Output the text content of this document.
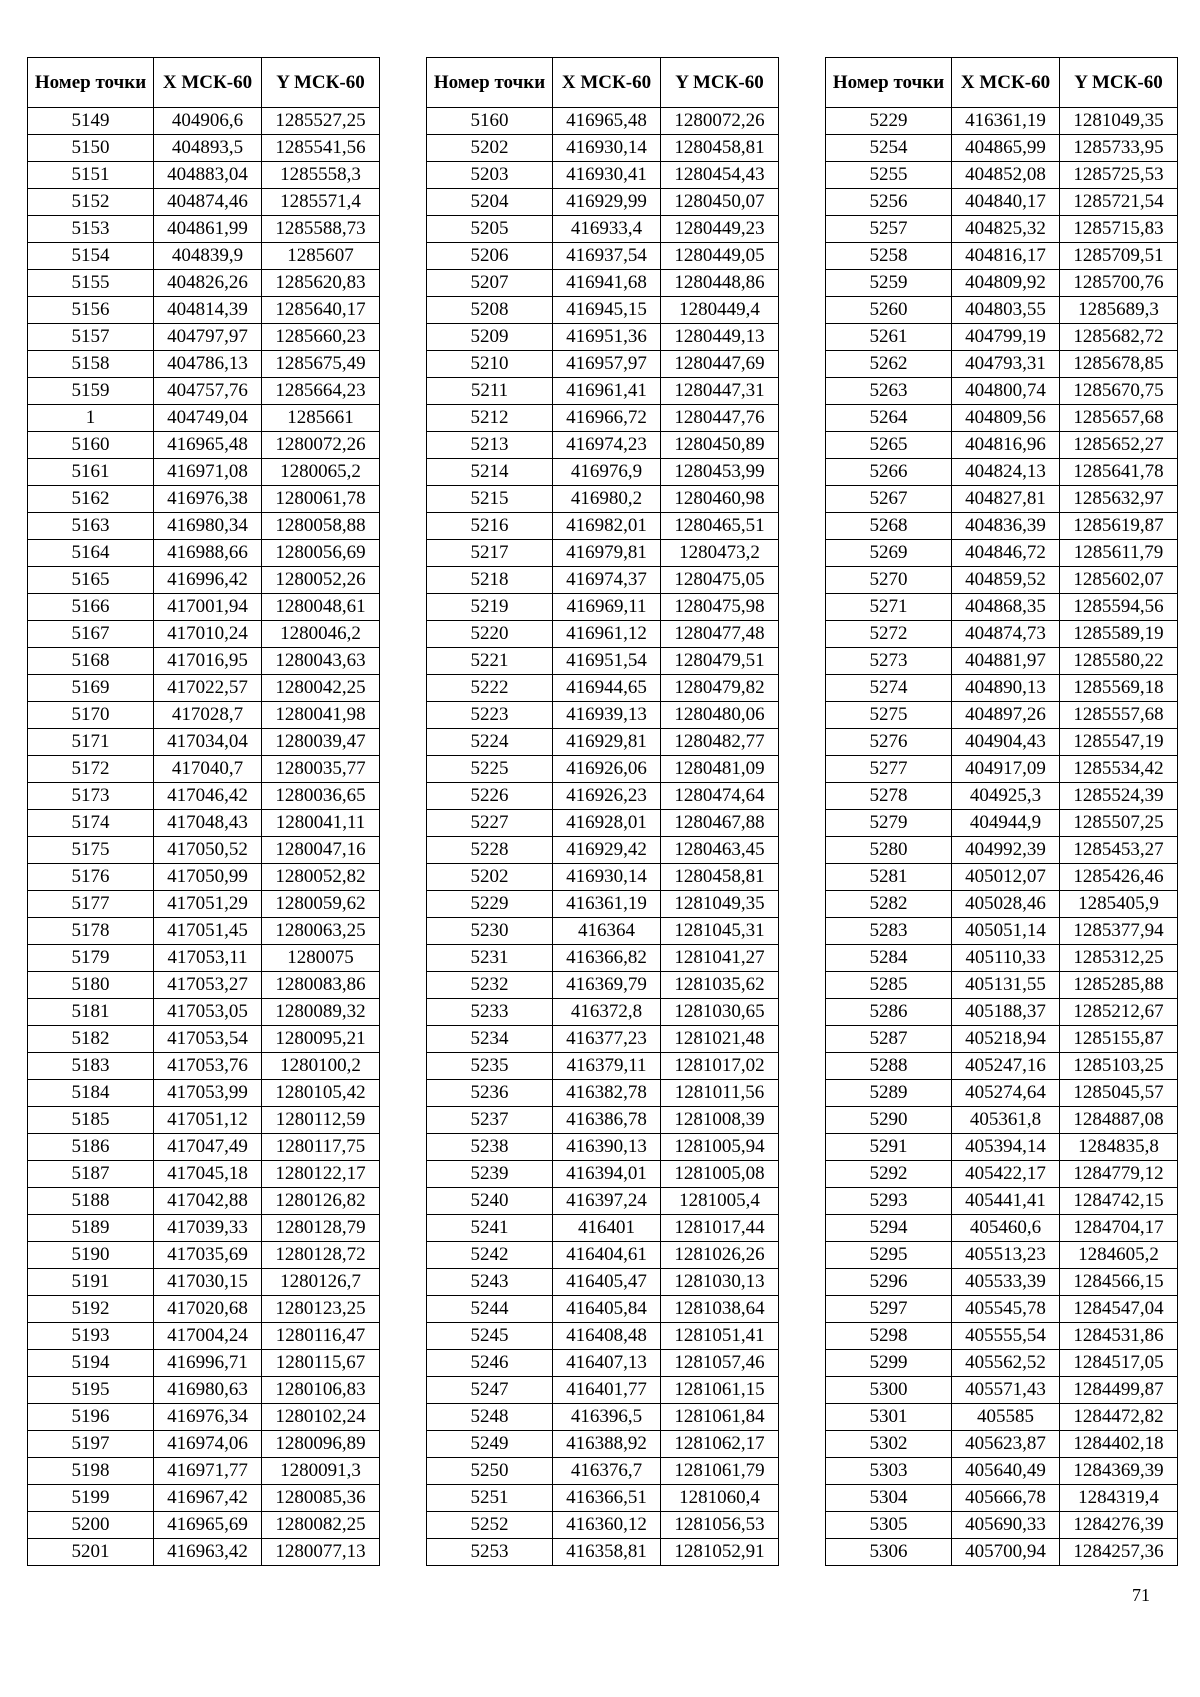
Номер точки	X МСК-60	Y МСК-60
5149	404906,6	1285527,25
5150	404893,5	1285541,56
5151	404883,04	1285558,3
5152	404874,46	1285571,4
5153	404861,99	1285588,73
5154	404839,9	1285607
5155	404826,26	1285620,83
5156	404814,39	1285640,17
5157	404797,97	1285660,23
5158	404786,13	1285675,49
5159	404757,76	1285664,23
1	404749,04	1285661
5160	416965,48	1280072,26
5161	416971,08	1280065,2
5162	416976,38	1280061,78
5163	416980,34	1280058,88
5164	416988,66	1280056,69
5165	416996,42	1280052,26
5166	417001,94	1280048,61
5167	417010,24	1280046,2
5168	417016,95	1280043,63
5169	417022,57	1280042,25
5170	417028,7	1280041,98
5171	417034,04	1280039,47
5172	417040,7	1280035,77
5173	417046,42	1280036,65
5174	417048,43	1280041,11
5175	417050,52	1280047,16
5176	417050,99	1280052,82
5177	417051,29	1280059,62
5178	417051,45	1280063,25
5179	417053,11	1280075
5180	417053,27	1280083,86
5181	417053,05	1280089,32
5182	417053,54	1280095,21
5183	417053,76	1280100,2
5184	417053,99	1280105,42
5185	417051,12	1280112,59
5186	417047,49	1280117,75
5187	417045,18	1280122,17
5188	417042,88	1280126,82
5189	417039,33	1280128,79
5190	417035,69	1280128,72
5191	417030,15	1280126,7
5192	417020,68	1280123,25
5193	417004,24	1280116,47
5194	416996,71	1280115,67
5195	416980,63	1280106,83
5196	416976,34	1280102,24
5197	416974,06	1280096,89
5198	416971,77	1280091,3
5199	416967,42	1280085,36
5200	416965,69	1280082,25
5201	416963,42	1280077,13
Номер точки	X МСК-60	Y МСК-60
5160	416965,48	1280072,26
5202	416930,14	1280458,81
5203	416930,41	1280454,43
5204	416929,99	1280450,07
5205	416933,4	1280449,23
5206	416937,54	1280449,05
5207	416941,68	1280448,86
5208	416945,15	1280449,4
5209	416951,36	1280449,13
5210	416957,97	1280447,69
5211	416961,41	1280447,31
5212	416966,72	1280447,76
5213	416974,23	1280450,89
5214	416976,9	1280453,99
5215	416980,2	1280460,98
5216	416982,01	1280465,51
5217	416979,81	1280473,2
5218	416974,37	1280475,05
5219	416969,11	1280475,98
5220	416961,12	1280477,48
5221	416951,54	1280479,51
5222	416944,65	1280479,82
5223	416939,13	1280480,06
5224	416929,81	1280482,77
5225	416926,06	1280481,09
5226	416926,23	1280474,64
5227	416928,01	1280467,88
5228	416929,42	1280463,45
5202	416930,14	1280458,81
5229	416361,19	1281049,35
5230	416364	1281045,31
5231	416366,82	1281041,27
5232	416369,79	1281035,62
5233	416372,8	1281030,65
5234	416377,23	1281021,48
5235	416379,11	1281017,02
5236	416382,78	1281011,56
5237	416386,78	1281008,39
5238	416390,13	1281005,94
5239	416394,01	1281005,08
5240	416397,24	1281005,4
5241	416401	1281017,44
5242	416404,61	1281026,26
5243	416405,47	1281030,13
5244	416405,84	1281038,64
5245	416408,48	1281051,41
5246	416407,13	1281057,46
5247	416401,77	1281061,15
5248	416396,5	1281061,84
5249	416388,92	1281062,17
5250	416376,7	1281061,79
5251	416366,51	1281060,4
5252	416360,12	1281056,53
5253	416358,81	1281052,91
Номер точки	X МСК-60	Y МСК-60
5229	416361,19	1281049,35
5254	404865,99	1285733,95
5255	404852,08	1285725,53
5256	404840,17	1285721,54
5257	404825,32	1285715,83
5258	404816,17	1285709,51
5259	404809,92	1285700,76
5260	404803,55	1285689,3
5261	404799,19	1285682,72
5262	404793,31	1285678,85
5263	404800,74	1285670,75
5264	404809,56	1285657,68
5265	404816,96	1285652,27
5266	404824,13	1285641,78
5267	404827,81	1285632,97
5268	404836,39	1285619,87
5269	404846,72	1285611,79
5270	404859,52	1285602,07
5271	404868,35	1285594,56
5272	404874,73	1285589,19
5273	404881,97	1285580,22
5274	404890,13	1285569,18
5275	404897,26	1285557,68
5276	404904,43	1285547,19
5277	404917,09	1285534,42
5278	404925,3	1285524,39
5279	404944,9	1285507,25
5280	404992,39	1285453,27
5281	405012,07	1285426,46
5282	405028,46	1285405,9
5283	405051,14	1285377,94
5284	405110,33	1285312,25
5285	405131,55	1285285,88
5286	405188,37	1285212,67
5287	405218,94	1285155,87
5288	405247,16	1285103,25
5289	405274,64	1285045,57
5290	405361,8	1284887,08
5291	405394,14	1284835,8
5292	405422,17	1284779,12
5293	405441,41	1284742,15
5294	405460,6	1284704,17
5295	405513,23	1284605,2
5296	405533,39	1284566,15
5297	405545,78	1284547,04
5298	405555,54	1284531,86
5299	405562,52	1284517,05
5300	405571,43	1284499,87
5301	405585	1284472,82
5302	405623,87	1284402,18
5303	405640,49	1284369,39
5304	405666,78	1284319,4
5305	405690,33	1284276,39
5306	405700,94	1284257,36
71
